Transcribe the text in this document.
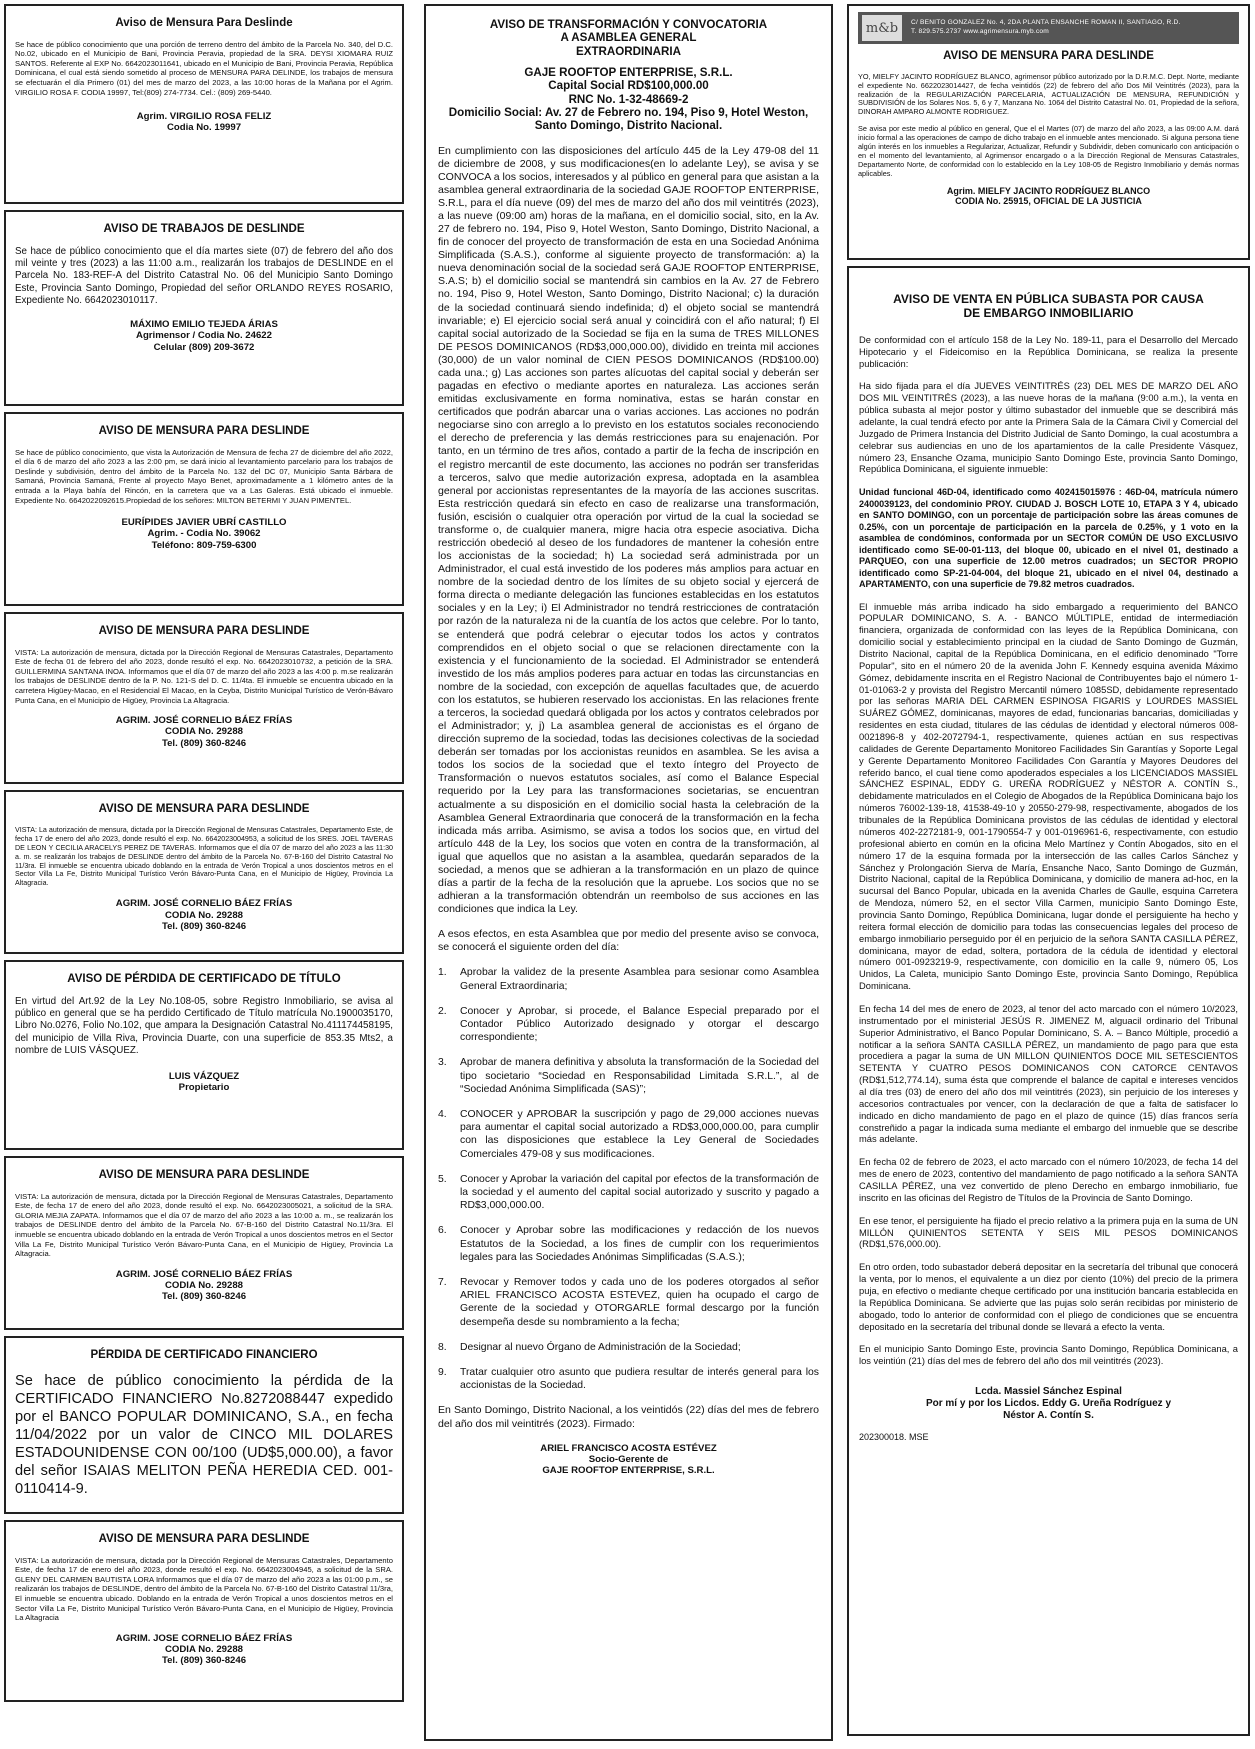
Aviso de Mensura Para Deslinde

Se hace de público conocimiento que una porción de terreno dentro del ámbito de la Parcela No. 340, del D.C. No.02, ubicado en el Municipio de Bani, Provincia Peravia, propiedad de la SRA. DEYSI XIOMARA RUIZ SANTOS. Referente al EXP No. 6642023011641, ubicado en el Municipio de Bani, Provincia Peravia, República Dominicana, el cual está siendo sometido al proceso de MENSURA PARA DELINDE, los trabajos de mensura se efectuarán el día Primero (01) del mes de marzo del 2023, a las 10:00 horas de la Mañana por el Agrim. VIRGILIO ROSA F. CODIA 19997, Tel:(809) 274-7734. Cel.: (809) 269-5440.

Agrim. VIRGILIO ROSA FELIZ
Codia No. 19997
AVISO DE TRABAJOS DE DESLINDE

Se hace de público conocimiento que el día martes siete (07) de febrero del año dos mil veinte y tres (2023) a las 11:00 a.m., realizarán los trabajos de DESLINDE en el Parcela No. 183-REF-A del Distrito Catastral No. 06 del Municipio Santo Domingo Este, Provincia Santo Domingo, Propiedad del señor ORLANDO REYES ROSARIO, Expediente No. 6642023010117.

MÁXIMO EMILIO TEJEDA ÁRIAS
Agrimensor / Codia No. 24622
Celular (809) 209-3672
AVISO DE MENSURA PARA DESLINDE

Se hace de público conocimiento, que vista la Autorización de Mensura de fecha 27 de diciembre del año 2022, el día 6 de marzo del año 2023 a las 2:00 pm, se dará inicio al levantamiento parcelario para los trabajos de Deslinde y subdivisión, dentro del ámbito de la Parcela No. 132 del DC 07, Municipio Santa Bárbara de Samaná, Provincia Samaná, Frente al proyecto Mayo Benet, aproximadamente a 1 kilómetro antes de la entrada a la Playa bahía del Rincón, en la carretera que va a Las Galeras. Está ubicado el inmueble. Expediente No. 6642022092615.Propiedad de los señores: MILTON BETERMI Y JUAN PIMENTEL.

EURÍPIDES JAVIER UBRÍ CASTILLO
Agrim. - Codia No. 39062
Teléfono: 809-759-6300
AVISO DE MENSURA PARA DESLINDE

VISTA: La autorización de mensura, dictada por la Dirección Regional de Mensuras Catastrales, Departamento Este de fecha 01 de febrero del año 2023, donde resultó el exp. No. 6642023010732, a petición de la SRA. GUILLERMINA SANTANA INOA. Informamos que el día 07 de marzo del año 2023 a las 4:00 p. m.se realizarán los trabajos de DESLINDE dentro de la P. No. 121-S del D. C. 11/4ta. El inmueble se encuentra ubicado en la carretera Higüey-Macao, en el Residencial El Macao, en la Ceyba, Distrito Municipal Turístico de Verón-Bávaro Punta Cana, en el Municipio de Higüey, Provincia La Altagracia.

AGRIM. JOSÉ CORNELIO BÁEZ FRÍAS
CODIA No. 29288
Tel. (809) 360-8246
AVISO DE MENSURA PARA DESLINDE

VISTA: La autorización de mensura, dictada por la Dirección Regional de Mensuras Catastrales, Departamento Este, de fecha 17 de enero del año 2023, donde resultó el exp. No. 6642023004953, a solicitud de los SRES. JOEL TAVERAS DE LEON Y CECILIA ARACELYS PEREZ DE TAVERAS. Informamos que el día 07 de marzo del año 2023 a las 11:30 a. m. se realizarán los trabajos de DESLINDE dentro del ámbito de la Parcela No. 67-B-160 del Distrito Catastral No 11/3ra. El inmueble se encuentra ubicado doblando en la entrada de Verón Tropical a unos doscientos metros en el Sector Villa La Fe, Distrito Municipal Turístico Verón Bávaro-Punta Cana, en el Municipio de Higüey, Provincia La Altagracia.

AGRIM. JOSÉ CORNELIO BÁEZ FRÍAS
CODIA No. 29288
Tel. (809) 360-8246
AVISO DE PÉRDIDA DE CERTIFICADO DE TÍTULO

En virtud del Art.92 de la Ley No.108-05, sobre Registro Inmobiliario, se avisa al público en general que se ha perdido Certificado de Título matrícula No.1900035170, Libro No.0276, Folio No.102, que ampara la Designación Catastral No.411174458195, del municipio de Villa Riva, Provincia Duarte, con una superficie de 853.35 Mts2, a nombre de LUIS VÁSQUEZ.

LUIS VÁZQUEZ
Propietario
AVISO DE MENSURA PARA DESLINDE

VISTA: La autorización de mensura, dictada por la Dirección Regional de Mensuras Catastrales, Departamento Este, de fecha 17 de enero del año 2023, donde resultó el exp. No. 6642023005021, a solicitud de la SRA. GLORIA MEJIA ZAPATA. Informamos que el día 07 de marzo del año 2023 a las 10:00 a. m., se realizarán los trabajos de DESLINDE dentro del ámbito de la Parcela No. 67-B-160 del Distrito Catastral No.11/3ra. El inmueble se encuentra ubicado doblando en la entrada de Verón Tropical a unos doscientos metros en el Sector Villa La Fe, Distrito Municipal Turístico Verón Bávaro-Punta Cana, en el Municipio de Higüey, Provincia La Altagracia.

AGRIM. JOSÉ CORNELIO BÁEZ FRÍAS
CODIA No. 29288
Tel. (809) 360-8246
PÉRDIDA DE CERTIFICADO FINANCIERO

Se hace de público conocimiento la pérdida de la CERTIFICADO FINANCIERO No.8272088447 expedido por el BANCO POPULAR DOMINICANO, S.A., en fecha 11/04/2022 por un valor de CINCO MIL DOLARES ESTADOUNIDENSE CON 00/100 (UD$5,000.00), a favor del señor ISAIAS MELITON PEÑA HEREDIA CED. 001-0110414-9.

AVISO DE MENSURA PARA DESLINDE

VISTA: La autorización de mensura, dictada por la Dirección Regional de Mensuras Catastrales, Departamento Este, de fecha 17 de enero del año 2023, donde resultó el exp. No. 6642023004945, a solicitud de la SRA. GLENY DEL CARMEN BAUTISTA LORA Informamos que el día 07 de marzo del año 2023 a las 01:00 p.m., se realizarán los trabajos de DESLINDE, dentro del ámbito de la Parcela No. 67-B-160 del Distrito Catastral 11/3ra, El inmueble se encuentra ubicado. Doblando en la entrada de Verón Tropical a unos doscientos metros en el Sector Villa La Fe, Distrito Municipal Turístico Verón Bávaro-Punta Cana, en el Municipio de Higüey, Provincia La Altagracia

AGRIM. JOSE CORNELIO BÁEZ FRÍAS
CODIA No. 29288
Tel. (809) 360-8246
AVISO DE TRANSFORMACIÓN Y CONVOCATORIA
A ASAMBLEA GENERAL
EXTRAORDINARIA
GAJE ROOFTOP ENTERPRISE, S.R.L.
Capital Social RD$100,000.00
RNC No. 1-32-48669-2
Domicilio Social: Av. 27 de Febrero no. 194, Piso 9, Hotel Weston, Santo Domingo, Distrito Nacional.

En cumplimiento con las disposiciones del artículo 445 de la Ley 479-08 del 11 de diciembre de 2008, y sus modificaciones(en lo adelante Ley), se avisa y se CONVOCA a los socios, interesados y al público en general para que asistan a la asamblea general extraordinaria de la sociedad GAJE ROOFTOP ENTERPRISE, S.R.L, para el día nueve (09) del mes de marzo del año dos mil veintitrés (2023), a las nueve (09:00 am) horas de la mañana, en el domicilio social, sito, en la Av. 27 de febrero no. 194, Piso 9, Hotel Weston, Santo Domingo, Distrito Nacional, a fin de conocer del proyecto de transformación de esta en una Sociedad Anónima Simplificada (S.A.S.), conforme al siguiente proyecto de transformación: a) la nueva denominación social de la sociedad será GAJE ROOFTOP ENTERPRISE, S.A.S; b) el domicilio social se mantendrá sin cambios en la Av. 27 de Febrero no. 194, Piso 9, Hotel Weston, Santo Domingo, Distrito Nacional; c) la duración de la sociedad continuará siendo indefinida; d) el objeto social se mantendrá invariable; e) El ejercicio social será anual y coincidirá con el año natural; f) El capital social autorizado de la Sociedad se fija en la suma de TRES MILLONES DE PESOS DOMINICANOS (RD$3,000,000.00), dividido en treinta mil acciones (30,000) de un valor nominal de CIEN PESOS DOMINICANOS (RD$100.00) cada una.; g) Las acciones son partes alícuotas del capital social y deberán ser pagadas en efectivo o mediante aportes en naturaleza. Las acciones serán emitidas exclusivamente en forma nominativa, estas se harán constar en certificados que podrán abarcar una o varias acciones. Las acciones no podrán negociarse sino con arreglo a lo previsto en los estatutos sociales reconociendo el derecho de preferencia y las demás restricciones para su enajenación. Por tanto, en un término de tres años, contado a partir de la fecha de inscripción en el registro mercantil de este documento, las acciones no podrán ser transferidas a terceros, salvo que medie autorización expresa, adoptada en la asamblea general por accionistas representantes de la mayoría de las acciones suscritas. Esta restricción quedará sin efecto en caso de realizarse una transformación, fusión, escisión o cualquier otra operación por virtud de la cual la sociedad se transforme o, de cualquier manera, migre hacia otra especie asociativa. Dicha restricción obedeció al deseo de los fundadores de mantener la cohesión entre los accionistas de la sociedad; h) La sociedad será administrada por un Administrador, el cual está investido de los poderes más amplios para actuar en nombre de la sociedad dentro de los límites de su objeto social y ejercerá de forma directa o mediante delegación las funciones establecidas en los estatutos sociales y en la Ley; i) El Administrador no tendrá restricciones de contratación por razón de la naturaleza ni de la cuantía de los actos que celebre. Por lo tanto, se entenderá que podrá celebrar o ejecutar todos los actos y contratos comprendidos en el objeto social o que se relacionen directamente con la existencia y el funcionamiento de la sociedad. El Administrador se entenderá investido de los más amplios poderes para actuar en todas las circunstancias en nombre de la sociedad, con excepción de aquellas facultades que, de acuerdo con los estatutos, se hubieren reservado los accionistas. En las relaciones frente a terceros, la sociedad quedará obligada por los actos y contratos celebrados por el Administrador; y, j) La asamblea general de accionistas es el órgano de dirección supremo de la sociedad, todas las decisiones colectivas de la sociedad deberán ser tomadas por los accionistas reunidos en asamblea. Se les avisa a todos los socios de la sociedad que el texto íntegro del Proyecto de Transformación o nuevos estatutos sociales, así como el Balance Especial requerido por la Ley para las transformaciones societarias, se encuentran actualmente a su disposición en el domicilio social hasta la celebración de la Asamblea General Extraordinaria que conocerá de la transformación en la fecha indicada más arriba. Asimismo, se avisa a todos los socios que, en virtud del artículo 448 de la Ley, los socios que voten en contra de la transformación, al igual que aquellos que no asistan a la asamblea, quedarán separados de la sociedad, a menos que se adhieran a la transformación en un plazo de quince días a partir de la fecha de la resolución que la apruebe. Los socios que no se adhieran a la transformación obtendrán un reembolso de sus acciones en las condiciones que indica la Ley.

A esos efectos, en esta Asamblea que por medio del presente aviso se convoca, se conocerá el siguiente orden del día:

1.	Aprobar la validez de la presente Asamblea para sesionar como Asamblea General Extraordinaria;
2.	Conocer y Aprobar, si procede, el Balance Especial preparado por el Contador Público Autorizado designado y otorgar el descargo correspondiente;
3.	Aprobar de manera definitiva y absoluta la transformación de la Sociedad del tipo societario “Sociedad en Responsabilidad Limitada S.R.L.”, al de “Sociedad Anónima Simplificada (SAS)”;
4.	CONOCER y APROBAR la suscripción y pago de 29,000 acciones nuevas para aumentar el capital social autorizado a RD$3,000,000.00, para cumplir con las disposiciones que establece la Ley General de Sociedades Comerciales 479-08 y sus modificaciones.
5.	Conocer y Aprobar la variación del capital por efectos de la transformación de la sociedad y el aumento del capital social autorizado y suscrito y pagado a RD$3,000,000.00.
6.	Conocer y Aprobar sobre las modificaciones y redacción de los nuevos Estatutos de la Sociedad, a los fines de cumplir con los requerimientos legales para las Sociedades Anónimas Simplificadas (S.A.S.);
7.	Revocar y Remover todos y cada uno de los poderes otorgados al señor ARIEL FRANCISCO ACOSTA ESTEVEZ, quien ha ocupado el cargo de Gerente de la sociedad y OTORGARLE formal descargo por la función desempeña desde su nombramiento a la fecha;
8.	Designar al nuevo Órgano de Administración de la Sociedad;
9.	Tratar cualquier otro asunto que pudiera resultar de interés general para los accionistas de la Sociedad.

En Santo Domingo, Distrito Nacional, a los veintidós (22) días del mes de febrero del año dos mil veintitrés (2023). Firmado:

ARIEL FRANCISCO ACOSTA ESTÉVEZ
Socio-Gerente de
GAJE ROOFTOP ENTERPRISE, S.R.L.
m&b	C/ BENITO GONZALEZ No. 4, 2DA PLANTA ENSANCHE ROMAN II, SANTIAGO, R.D.
T. 829.575.2737 www.agrimensura.myb.com
AVISO DE MENSURA PARA DESLINDE

YO, MIELFY JACINTO RODRÍGUEZ BLANCO, agrimensor público autorizado por la D.R.M.C. Dept. Norte, mediante el expediente No. 6622023014427, de fecha veintidós (22) de febrero del año Dos Mil Veintitrés (2023), para la realización de la REGULARIZACIÓN PARCELARIA, ACTUALIZACIÓN DE MENSURA, REFUNDICIÓN y SUBDIVISIÓN de los Solares Nos. 5, 6 y 7, Manzana No. 1064 del Distrito Catastral No. 01, Propiedad de la señora, DINORAH AMPARO ALMONTE RODRIGUEZ.

Se avisa por este medio al público en general, Que el el Martes (07) de marzo del año 2023, a las 09:00 A.M. dará inicio formal a las operaciones de campo de dicho trabajo en el inmueble antes mencionado. Si alguna persona tiene algún interés en los inmuebles a Regularizar, Actualizar, Refundir y Subdividir, deben comunicarlo con anticipación o en el momento del levantamiento, al Agrimensor encargado o a la Dirección Regional de Mensuras Catastrales, Departamento Norte, de conformidad con lo establecido en la Ley 108-05 de Registro Inmobiliario y demás normas aplicables.

Agrim. MIELFY JACINTO RODRÍGUEZ BLANCO
CODIA No. 25915, OFICIAL DE LA JUSTICIA
AVISO DE VENTA EN PÚBLICA SUBASTA POR CAUSA
DE EMBARGO INMOBILIARIO

De conformidad con el artículo 158 de la Ley No. 189-11, para el Desarrollo del Mercado Hipotecario y el Fideicomiso en la República Dominicana, se realiza la presente publicación:

Ha sido fijada para el día JUEVES VEINTITRÉS (23) DEL MES DE MARZO DEL AÑO DOS MIL VEINTITRÉS (2023), a las nueve horas de la mañana (9:00 a.m.), la venta en pública subasta al mejor postor y último subastador del inmueble que se describirá más adelante, la cual tendrá efecto por ante la Primera Sala de la Cámara Civil y Comercial del Juzgado de Primera Instancia del Distrito Judicial de Santo Domingo, la cual acostumbra a celebrar sus audiencias en uno de los apartamientos de la calle Presidente Vásquez, número 23, Ensanche Ozama, municipio Santo Domingo Este, provincia Santo Domingo, República Dominicana, el siguiente inmueble:

Unidad funcional 46D-04, identificado como 402415015976 : 46D-04, matrícula número 2400039123, del condominio PROY. CIUDAD J. BOSCH LOTE 10, ETAPA 3 Y 4, ubicado en SANTO DOMINGO, con un porcentaje de participación sobre las áreas comunes de 0.25%, con un porcentaje de participación en la parcela de 0.25%, y 1 voto en la asamblea de condóminos, conformada por un SECTOR COMÚN DE USO EXCLUSIVO identificado como SE-00-01-113, del bloque 00, ubicado en el nivel 01, destinado a PARQUEO, con una superficie de 12.00 metros cuadrados; un SECTOR PROPIO identificado como SP-21-04-004, del bloque 21, ubicado en el nivel 04, destinado a APARTAMENTO, con una superficie de 79.82 metros cuadrados.

El inmueble más arriba indicado ha sido embargado a requerimiento del BANCO POPULAR DOMINICANO, S. A. - BANCO MÚLTIPLE, entidad de intermediación financiera, organizada de conformidad con las leyes de la República Dominicana, con domicilio social y establecimiento principal en la ciudad de Santo Domingo de Guzmán, Distrito Nacional, capital de la República Dominicana, en el edificio denominado "Torre Popular", sito en el número 20 de la avenida John F. Kennedy esquina avenida Máximo Gómez, debidamente inscrita en el Registro Nacional de Contribuyentes bajo el número 1-01-01063-2 y provista del Registro Mercantil número 1085SD, debidamente representado por las señoras MARIA DEL CARMEN ESPINOSA FIGARIS y LOURDES MASSIEL SUÁREZ GÓMEZ, dominicanas, mayores de edad, funcionarias bancarias, domiciliadas y residentes en esta ciudad, titulares de las cédulas de identidad y electoral números 008-0021896-8 y 402-2072794-1, respectivamente, quienes actúan en sus respectivas calidades de Gerente Departamento Monitoreo Facilidades Sin Garantías y Soporte Legal y Gerente Departamento Monitoreo Facilidades Con Garantía y Mayores Deudores del referido banco, el cual tiene como apoderados especiales a los LICENCIADOS MASSIEL SÁNCHEZ ESPINAL, EDDY G. UREÑA RODRÍGUEZ y NÉSTOR A. CONTÍN S., debidamente matriculados en el Colegio de Abogados de la República Dominicana bajo los números 76002-139-18, 41538-49-10 y 20550-279-98, respectivamente, abogados de los tribunales de la República Dominicana provistos de las cédulas de identidad y electoral números 402-2272181-9, 001-1790554-7 y 001-0196961-6, respectivamente, con estudio profesional abierto en común en la oficina Melo Martínez y Contín Abogados, sito en el número 17 de la esquina formada por la intersección de las calles Carlos Sánchez y Sánchez y Prolongación Sierva de María, Ensanche Naco, Santo Domingo de Guzmán, Distrito Nacional, capital de la República Dominicana, y domicilio de manera ad-hoc, en la sucursal del Banco Popular, ubicada en la avenida Charles de Gaulle, esquina Carretera de Mendoza, número 52, en el sector Villa Carmen, municipio Santo Domingo Este, provincia Santo Domingo, República Dominicana, lugar donde el persiguiente ha hecho y reitera formal elección de domicilio para todas las consecuencias legales del proceso de embargo inmobiliario perseguido por él en perjuicio de la señora SANTA CASILLA PÉREZ, dominicana, mayor de edad, soltera, portadora de la cédula de identidad y electoral número 001-0923219-9, respectivamente, con domicilio en la calle 9, número 05, Los Unidos, La Caleta, municipio Santo Domingo Este, provincia Santo Domingo, República Dominicana.

En fecha 14 del mes de enero de 2023, al tenor del acto marcado con el número 10/2023, instrumentado por el ministerial JESÚS R. JIMENEZ M, alguacil ordinario del Tribunal Superior Administrativo, el Banco Popular Dominicano, S. A. – Banco Múltiple, procedió a notificar a la señora SANTA CASILLA PÉREZ, un mandamiento de pago para que esta procediera a pagar la suma de UN MILLON QUINIENTOS DOCE MIL SETESCIENTOS SETENTA Y CUATRO PESOS DOMINICANOS CON CATORCE CENTAVOS (RD$1,512,774.14), suma ésta que comprende el balance de capital e intereses vencidos al día tres (03) de enero del año dos mil veintitrés (2023), sin perjuicio de los intereses y accesorios contractuales por vencer, con la declaración de que a falta de satisfacer lo indicado en dicho mandamiento de pago en el plazo de quince (15) días francos sería constreñido a pagar la indicada suma mediante el embargo del inmueble que se describe más adelante.

En fecha 02 de febrero de 2023, el acto marcado con el número 10/2023, de fecha 14 del mes de enero de 2023, contentivo del mandamiento de pago notificado a la señora SANTA CASILLA PÉREZ, una vez convertido de pleno Derecho en embargo inmobiliario, fue inscrito en las oficinas del Registro de Títulos de la Provincia de Santo Domingo.

En ese tenor, el persiguiente ha fijado el precio relativo a la primera puja en la suma de UN MILLÓN QUINIENTOS SETENTA Y SEIS MIL PESOS DOMINICANOS (RD$1,576,000.00).

En otro orden, todo subastador deberá depositar en la secretaría del tribunal que conocerá la venta, por lo menos, el equivalente a un diez por ciento (10%) del precio de la primera puja, en efectivo o mediante cheque certificado por una institución bancaria establecida en la República Dominicana. Se advierte que las pujas solo serán recibidas por ministerio de abogado, todo lo anterior de conformidad con el pliego de condiciones que se encuentra depositado en la secretaría del tribunal donde se llevará a efecto la venta.

En el municipio Santo Domingo Este, provincia Santo Domingo, República Dominicana, a los veintiún (21) días del mes de febrero del año dos mil veintitrés (2023).

Lcda. Massiel Sánchez Espinal
Por mí y por los Licdos. Eddy G. Ureña Rodríguez y
Néstor A. Contín S.
202300018. MSE
